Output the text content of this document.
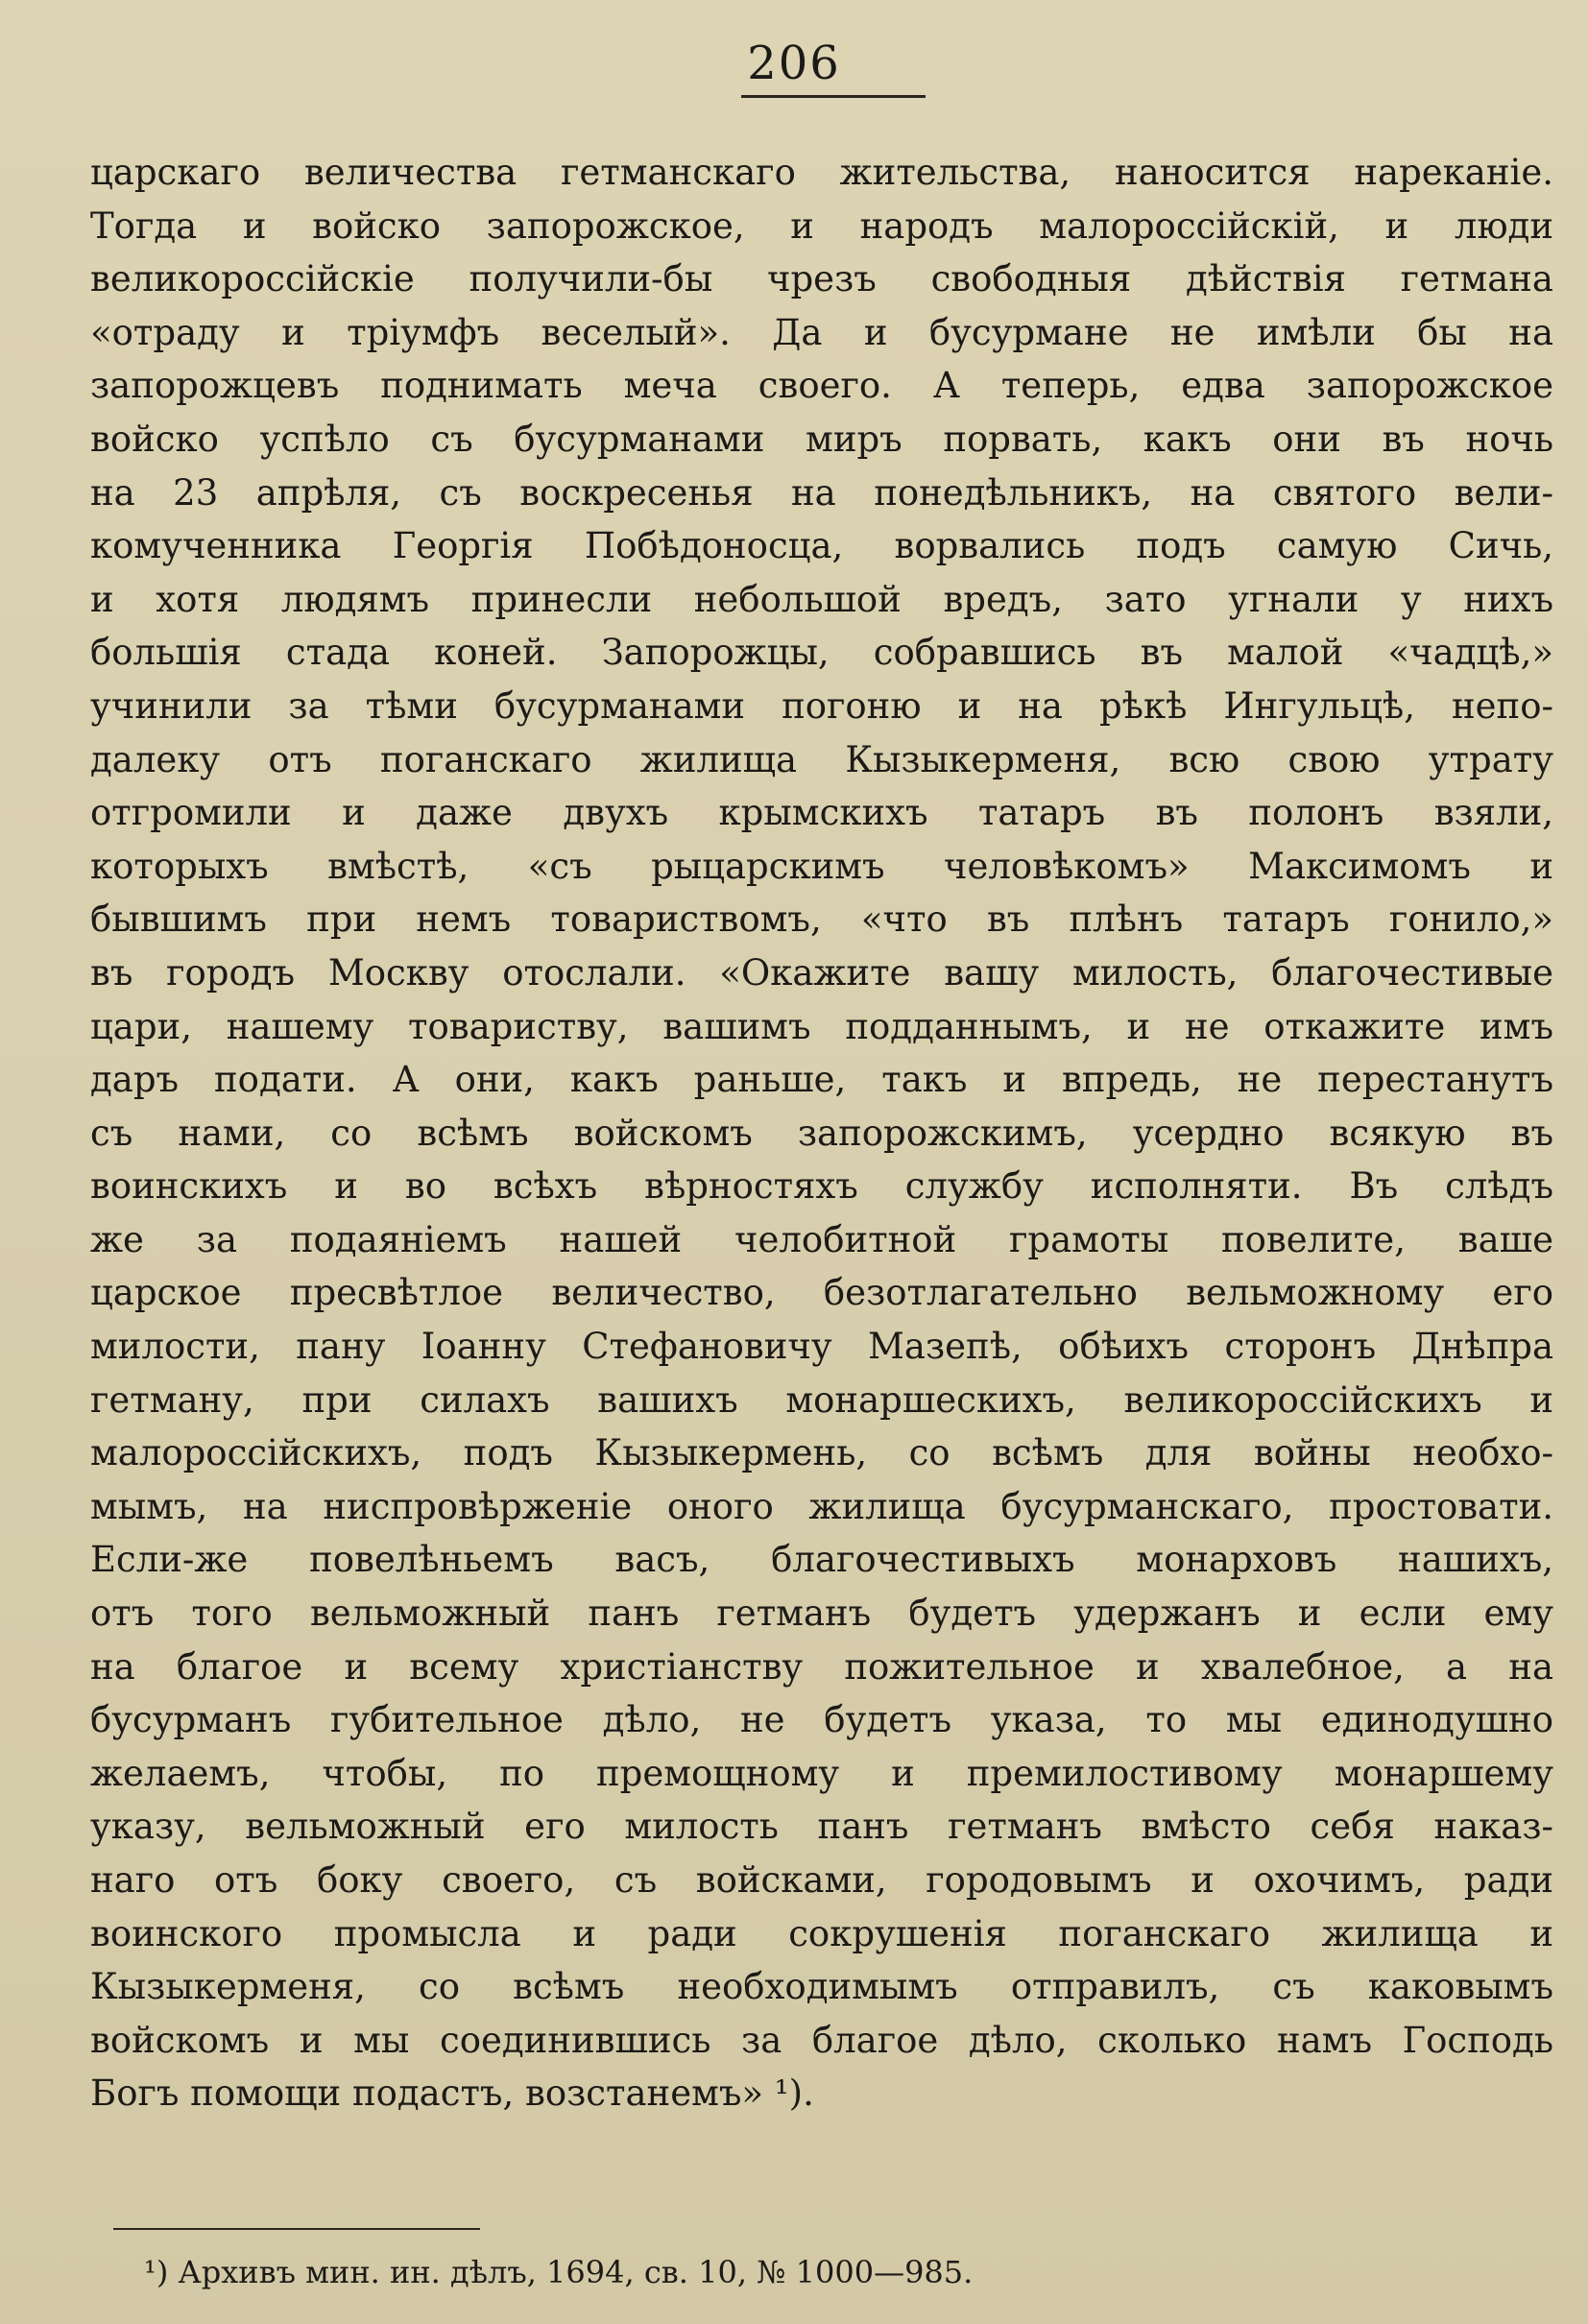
206
царскаго величества гетманскаго жительства, наносится нареканіе.
Тогда и войско запорожское, и народъ малороссійскій, и люди
великороссійскіе получили-бы чрезъ свободныя дѣйствія гетмана
«отраду и тріумфъ веселый». Да и бусурмане не имѣли бы на
запорожцевъ поднимать меча своего. А теперь, едва запорожское
войско успѣло съ бусурманами миръ порвать, какъ они въ ночь
на 23 апрѣля, съ воскресенья на понедѣльникъ, на святого вели-
комученника Георгія Побѣдоносца, ворвались подъ самую Сичь,
и хотя людямъ принесли небольшой вредъ, зато угнали у нихъ
большія стада коней. Запорожцы, собравшись въ малой «чадцѣ,»
учинили за тѣми бусурманами погоню и на рѣкѣ Ингульцѣ, непо-
далеку отъ поганскаго жилища Кызыкерменя, всю свою утрату
отгромили и даже двухъ крымскихъ татаръ въ полонъ взяли,
которыхъ вмѣстѣ, «съ рыцарскимъ человѣкомъ» Максимомъ и
бывшимъ при немъ товариствомъ, «что въ плѣнъ татаръ гонило,»
въ городъ Москву отослали. «Окажите вашу милость, благочестивые
цари, нашему товариству, вашимъ подданнымъ, и не откажите имъ
даръ подати. А они, какъ раньше, такъ и впредь, не перестанутъ
съ нами, со всѣмъ войскомъ запорожскимъ, усердно всякую въ
воинскихъ и во всѣхъ вѣрностяхъ службу исполняти. Въ слѣдъ
же за подаяніемъ нашей челобитной грамоты повелите, ваше
царское пресвѣтлое величество, безотлагательно вельможному его
милости, пану Іоанну Стефановичу Мазепѣ, обѣихъ сторонъ Днѣпра
гетману, при силахъ вашихъ монаршескихъ, великороссійскихъ и
малороссійскихъ, подъ Кызыкермень, со всѣмъ для войны необхо-
мымъ, на ниспровѣрженіе оного жилища бусурманскаго, простовати.
Если-же повелѣньемъ васъ, благочестивыхъ монарховъ нашихъ,
отъ того вельможный панъ гетманъ будетъ удержанъ и если ему
на благое и всему христіанству пожительное и хвалебное, а на
бусурманъ губительное дѣло, не будетъ указа, то мы единодушно
желаемъ, чтобы, по премощному и премилостивому монаршему
указу, вельможный его милость панъ гетманъ вмѣсто себя наказ-
наго отъ боку своего, съ войсками, городовымъ и охочимъ, ради
воинского промысла и ради сокрушенія поганскаго жилища и
Кызыкерменя, со всѣмъ необходимымъ отправилъ, съ каковымъ
войскомъ и мы соединившись за благое дѣло, сколько намъ Господь
Богъ помощи подастъ, возстанемъ» ¹).
¹) Архивъ мин. ин. дѣлъ, 1694, св. 10, № 1000—985.
